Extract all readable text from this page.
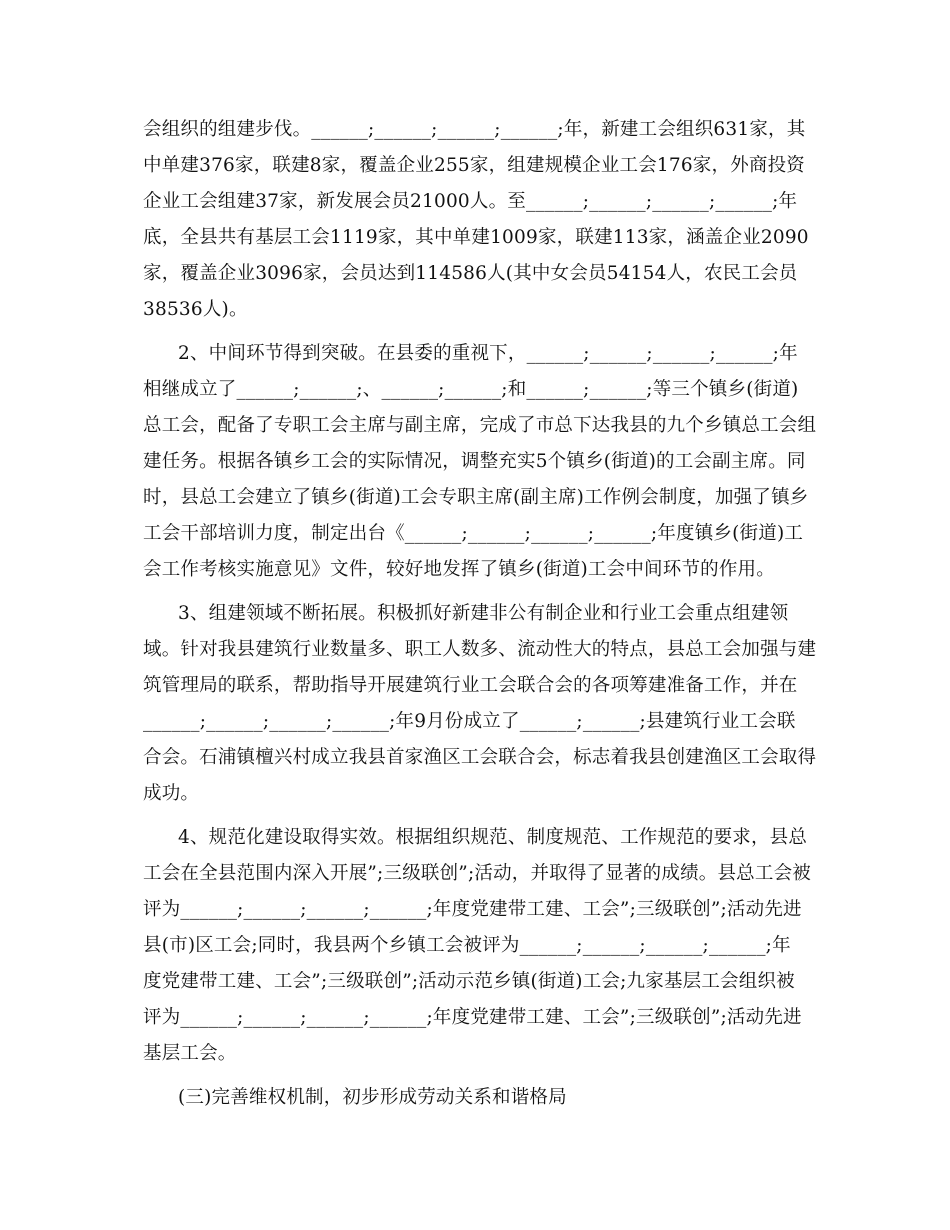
会组织的组建步伐。______;______;______;______;年，新建工会组织631家，其
中单建376家，联建8家，覆盖企业255家，组建规模企业工会176家，外商投资
企业工会组建37家，新发展会员21000人。至______;______;______;______;年
底，全县共有基层工会1119家，其中单建1009家，联建113家，涵盖企业2090
家，覆盖企业3096家，会员达到114586人(其中女会员54154人，农民工会员
38536人)。
2、中间环节得到突破。在县委的重视下，______;______;______;______;年
相继成立了______;______;、______;______;和______;______;等三个镇乡(街道)
总工会，配备了专职工会主席与副主席，完成了市总下达我县的九个乡镇总工会组
建任务。根据各镇乡工会的实际情况，调整充实5个镇乡(街道)的工会副主席。同
时，县总工会建立了镇乡(街道)工会专职主席(副主席)工作例会制度，加强了镇乡
工会干部培训力度，制定出台《______;______;______;______;年度镇乡(街道)工
会工作考核实施意见》文件，较好地发挥了镇乡(街道)工会中间环节的作用。
3、组建领域不断拓展。积极抓好新建非公有制企业和行业工会重点组建领
域。针对我县建筑行业数量多、职工人数多、流动性大的特点，县总工会加强与建
筑管理局的联系，帮助指导开展建筑行业工会联合会的各项筹建准备工作，并在
______;______;______;______;年9月份成立了______;______;县建筑行业工会联
合会。石浦镇檀兴村成立我县首家渔区工会联合会，标志着我县创建渔区工会取得
成功。
4、规范化建设取得实效。根据组织规范、制度规范、工作规范的要求，县总
工会在全县范围内深入开展”;三级联创”;活动，并取得了显著的成绩。县总工会被
评为______;______;______;______;年度党建带工建、工会”;三级联创”;活动先进
县(市)区工会;同时，我县两个乡镇工会被评为______;______;______;______;年
度党建带工建、工会”;三级联创”;活动示范乡镇(街道)工会;九家基层工会组织被
评为______;______;______;______;年度党建带工建、工会”;三级联创”;活动先进
基层工会。
(三)完善维权机制，初步形成劳动关系和谐格局
